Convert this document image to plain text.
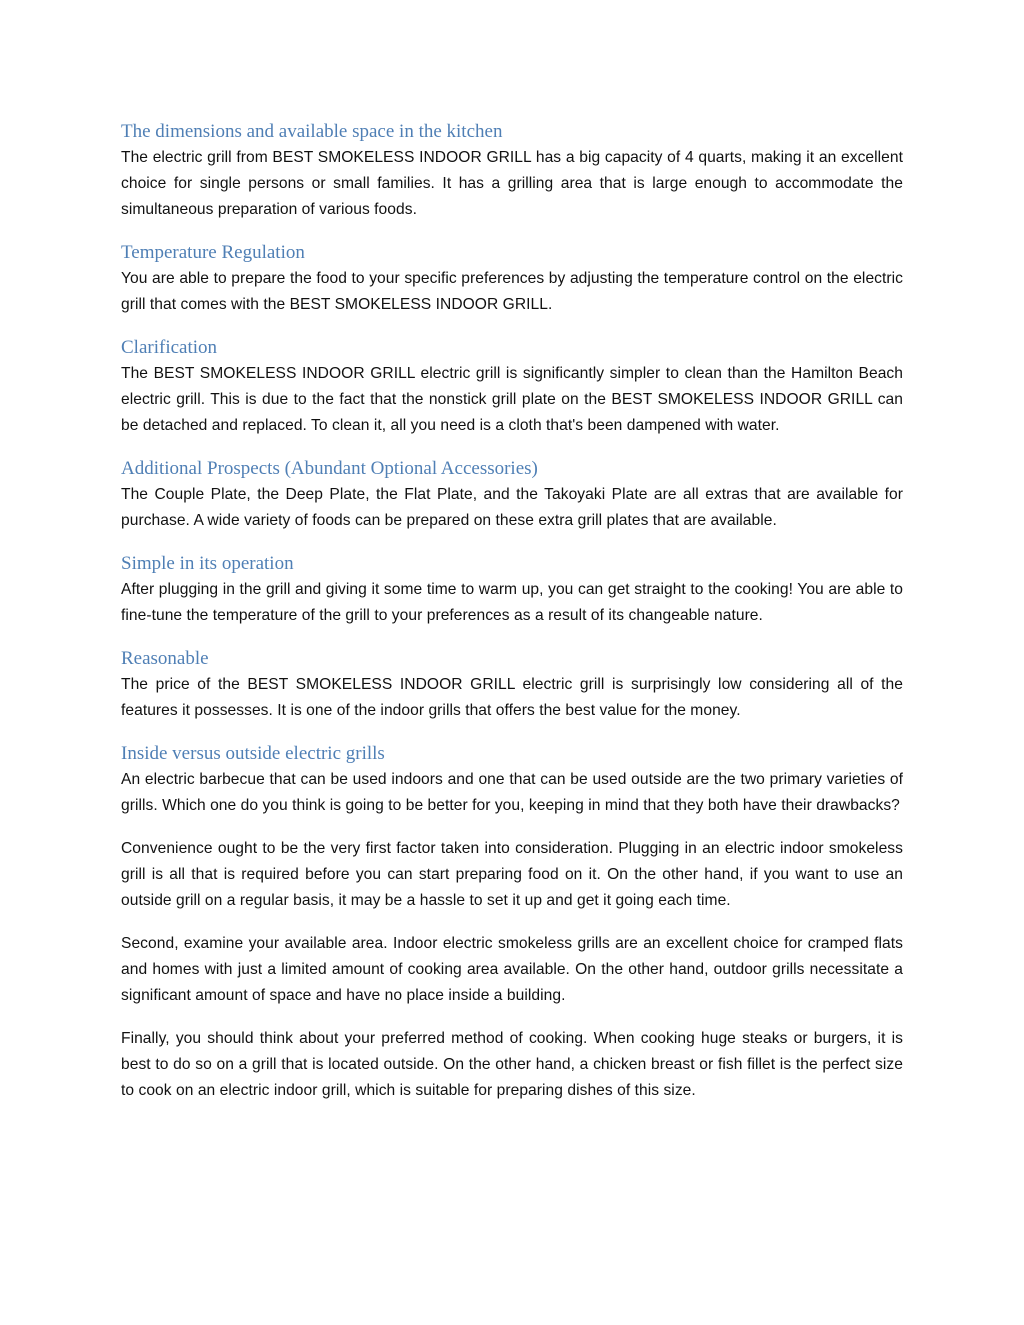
The dimensions and available space in the kitchen

The electric grill from BEST SMOKELESS INDOOR GRILL has a big capacity of 4 quarts, making it an excellent choice for single persons or small families. It has a grilling area that is large enough to accommodate the simultaneous preparation of various foods.

Temperature Regulation

You are able to prepare the food to your specific preferences by adjusting the temperature control on the electric grill that comes with the BEST SMOKELESS INDOOR GRILL.

Clarification

The BEST SMOKELESS INDOOR GRILL electric grill is significantly simpler to clean than the Hamilton Beach electric grill. This is due to the fact that the nonstick grill plate on the BEST SMOKELESS INDOOR GRILL can be detached and replaced. To clean it, all you need is a cloth that's been dampened with water.

Additional Prospects (Abundant Optional Accessories)

The Couple Plate, the Deep Plate, the Flat Plate, and the Takoyaki Plate are all extras that are available for purchase. A wide variety of foods can be prepared on these extra grill plates that are available.

Simple in its operation

After plugging in the grill and giving it some time to warm up, you can get straight to the cooking! You are able to fine-tune the temperature of the grill to your preferences as a result of its changeable nature.

Reasonable

The price of the BEST SMOKELESS INDOOR GRILL electric grill is surprisingly low considering all of the features it possesses. It is one of the indoor grills that offers the best value for the money.

Inside versus outside electric grills

An electric barbecue that can be used indoors and one that can be used outside are the two primary varieties of grills. Which one do you think is going to be better for you, keeping in mind that they both have their drawbacks?

Convenience ought to be the very first factor taken into consideration. Plugging in an electric indoor smokeless grill is all that is required before you can start preparing food on it. On the other hand, if you want to use an outside grill on a regular basis, it may be a hassle to set it up and get it going each time.

Second, examine your available area. Indoor electric smokeless grills are an excellent choice for cramped flats and homes with just a limited amount of cooking area available. On the other hand, outdoor grills necessitate a significant amount of space and have no place inside a building.

Finally, you should think about your preferred method of cooking. When cooking huge steaks or burgers, it is best to do so on a grill that is located outside. On the other hand, a chicken breast or fish fillet is the perfect size to cook on an electric indoor grill, which is suitable for preparing dishes of this size.
